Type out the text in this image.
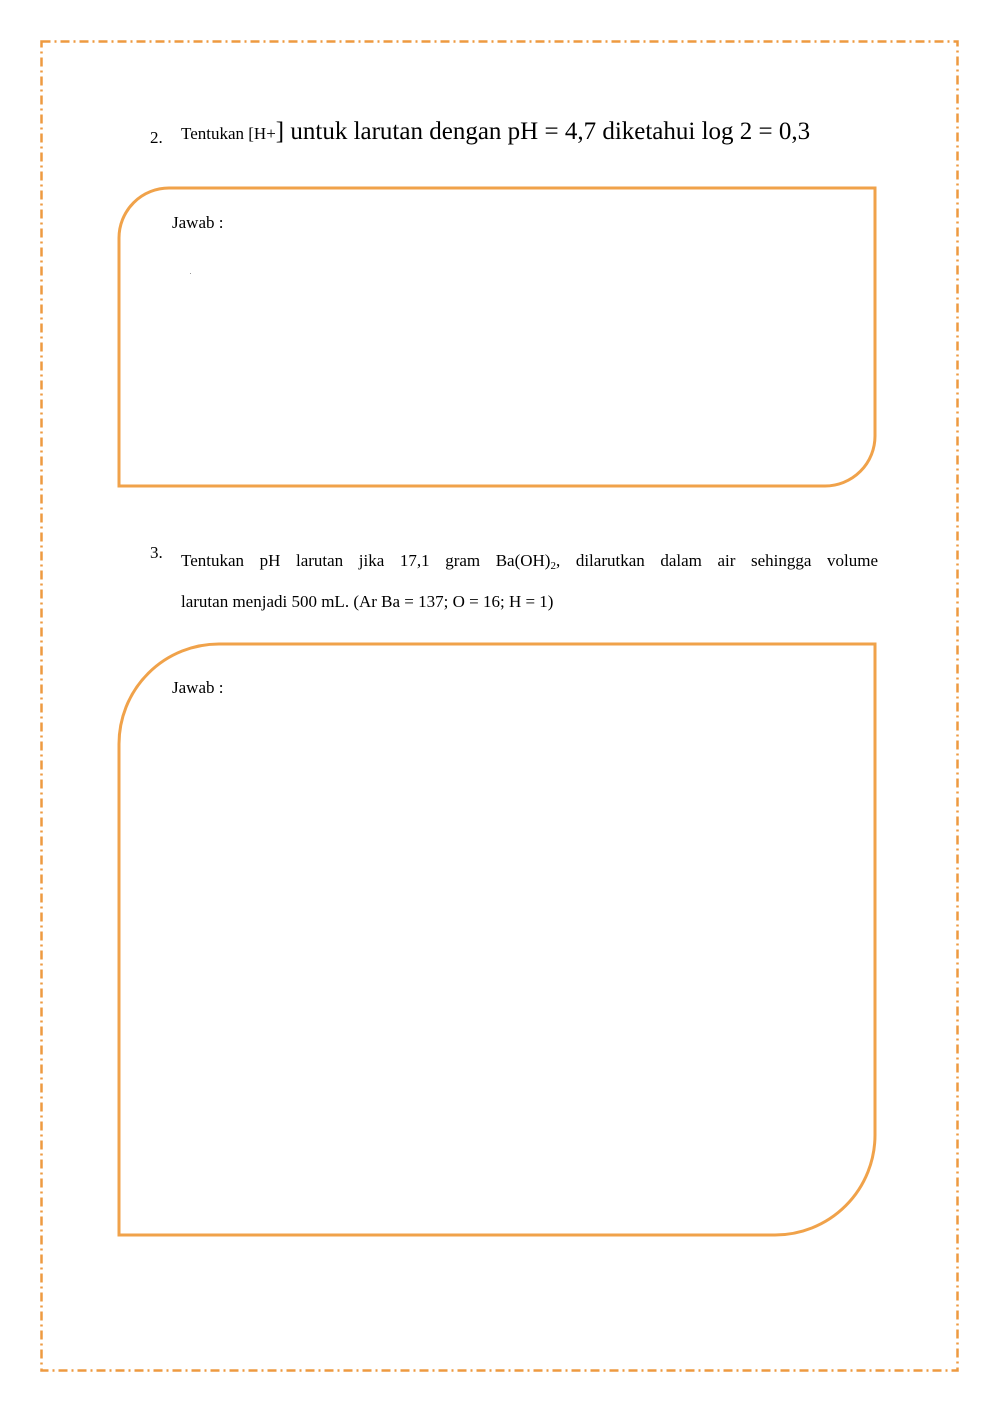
2. Tentukan [H+] untuk larutan dengan pH = 4,7 diketahui log 2 = 0,3
Jawab :
3. Tentukan pH larutan jika 17,1 gram $Ba(OH)_2$, dilarutkan dalam air sehingga volume
larutan menjadi 500 mL. (Ar Ba = 137; O = 16; H = 1)
Jawab :
